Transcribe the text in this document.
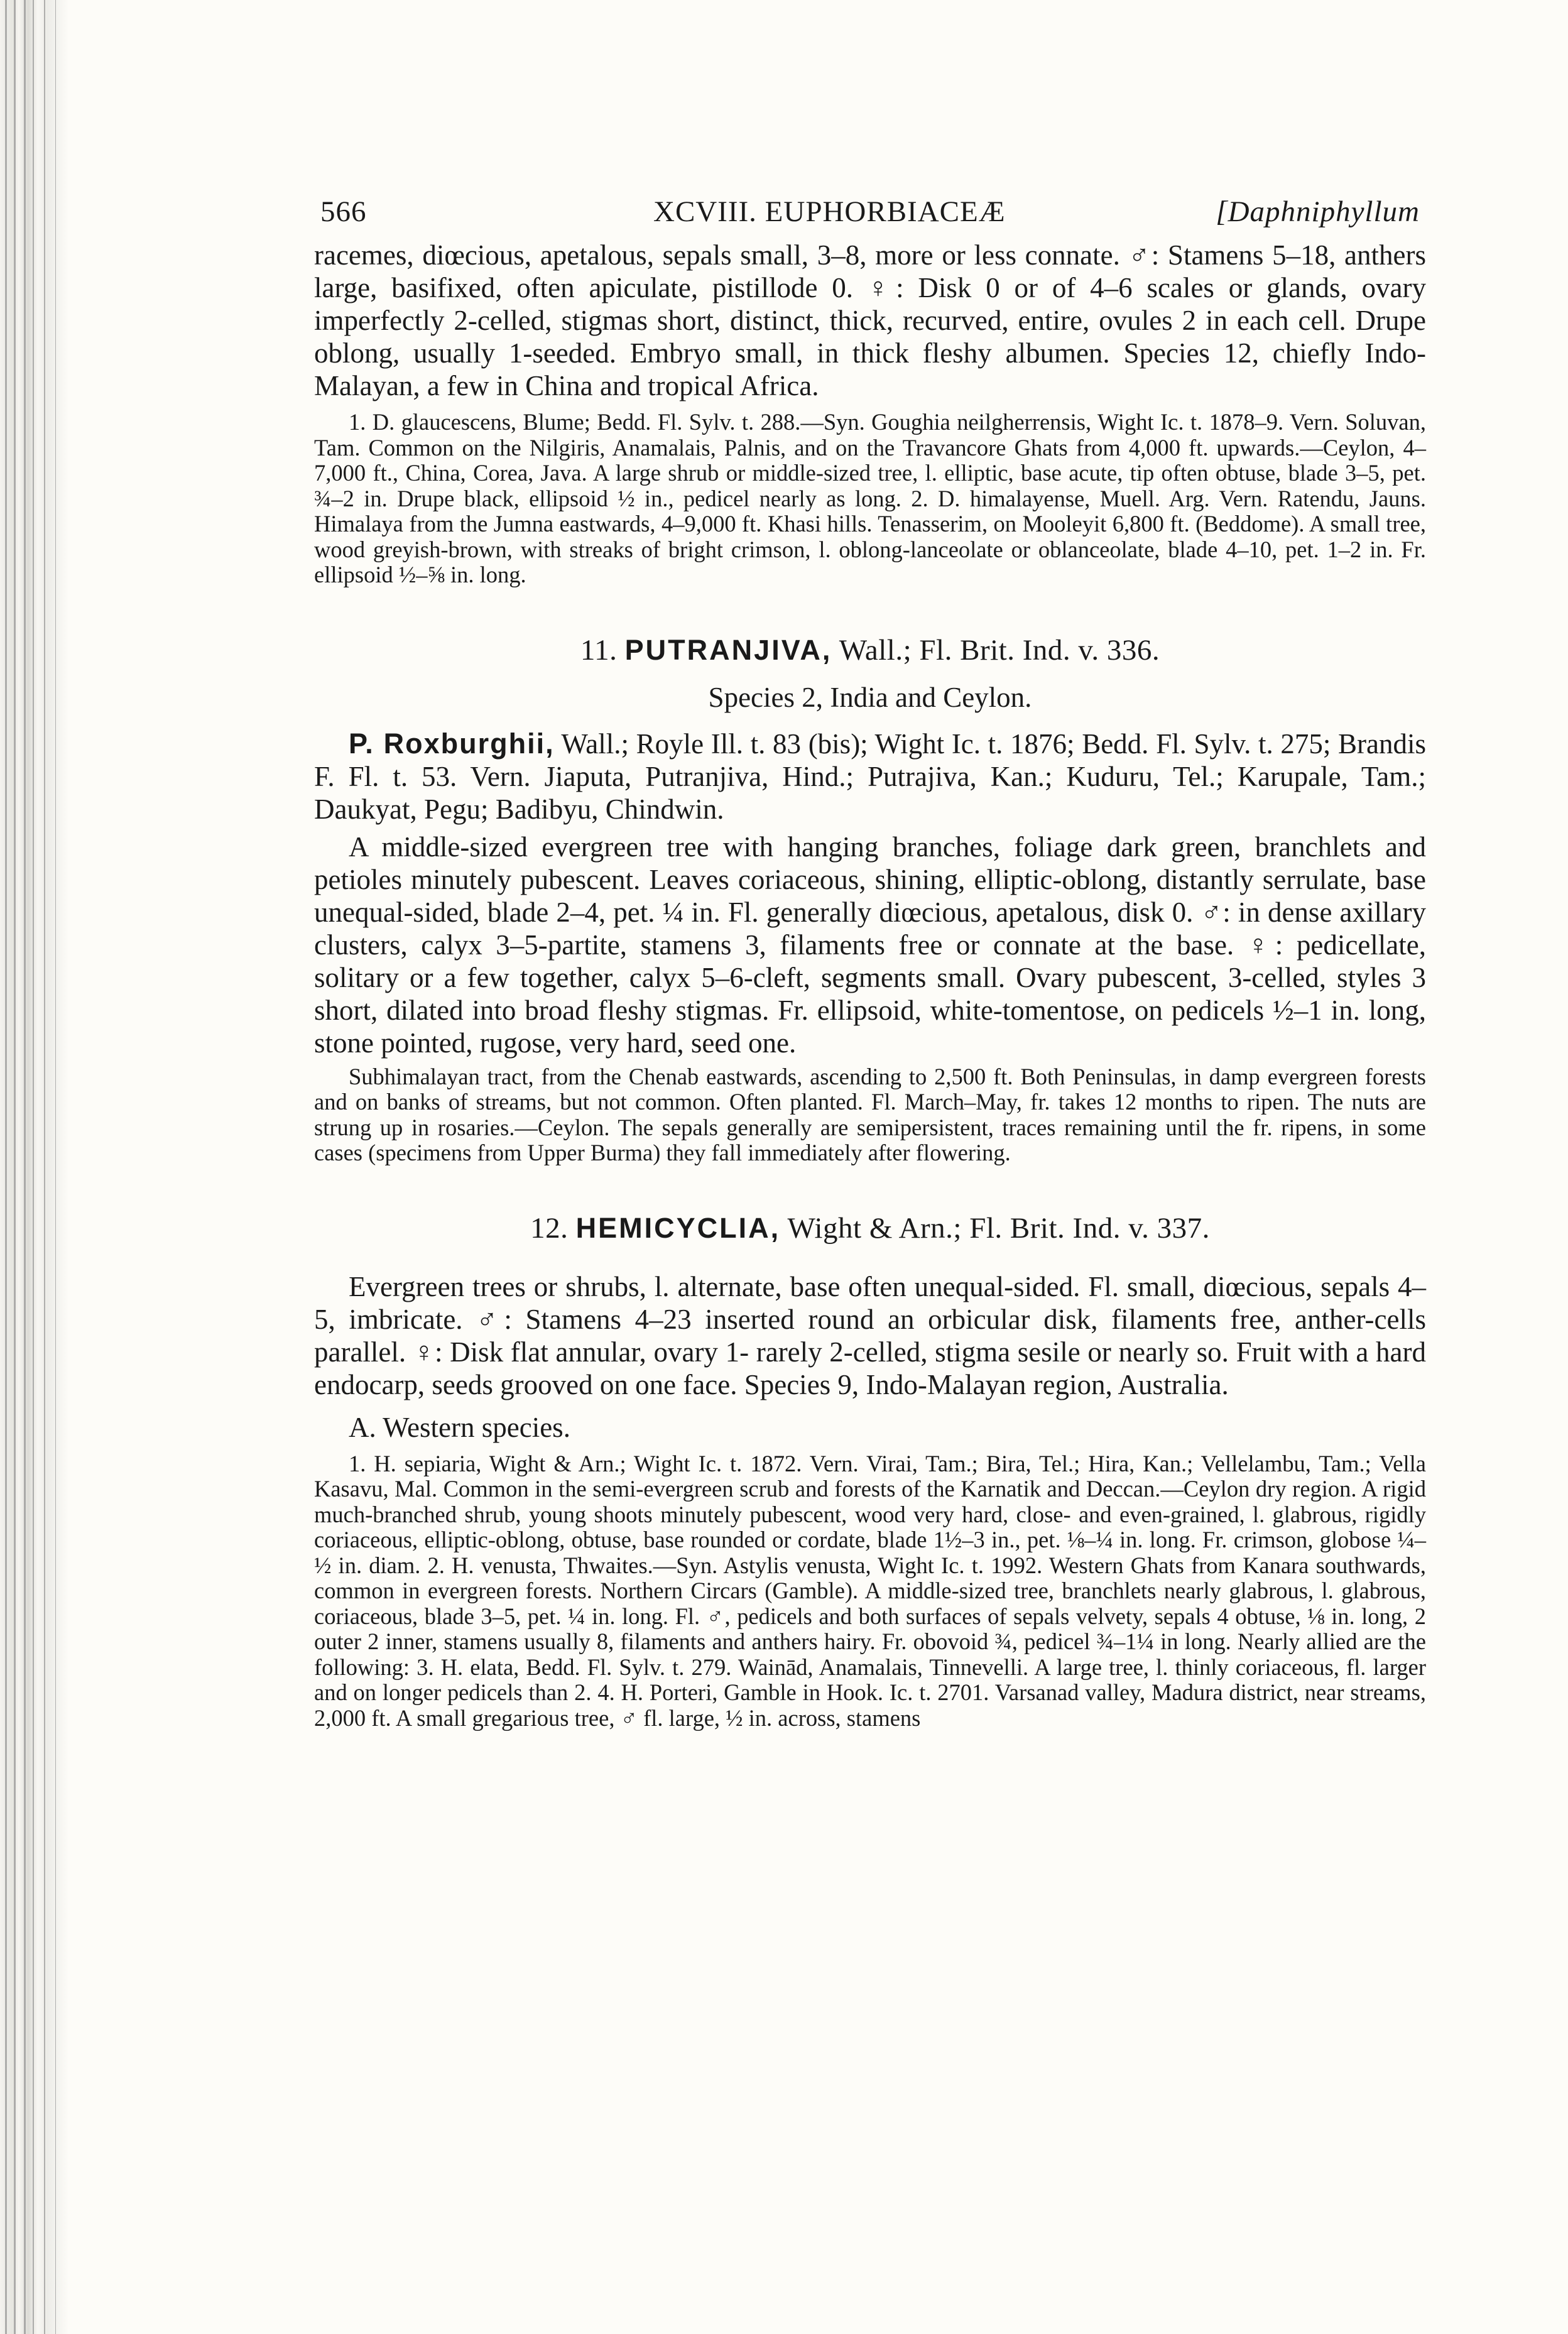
566	XCVIII. EUPHORBIACEÆ	[Daphniphyllum

racemes, diœcious, apetalous, sepals small, 3–8, more or less connate. ♂: Stamens 5–18, anthers large, basifixed, often apiculate, pistillode 0. ♀: Disk 0 or of 4–6 scales or glands, ovary imperfectly 2-celled, stigmas short, distinct, thick, recurved, entire, ovules 2 in each cell. Drupe oblong, usually 1-seeded. Embryo small, in thick fleshy albumen. Species 12, chiefly Indo-Malayan, a few in China and tropical Africa.

1. D. glaucescens, Blume; Bedd. Fl. Sylv. t. 288.—Syn. Goughia neilgherrensis, Wight Ic. t. 1878–9. Vern. Soluvan, Tam. Common on the Nilgiris, Anamalais, Palnis, and on the Travancore Ghats from 4,000 ft. upwards.—Ceylon, 4–7,000 ft., China, Corea, Java. A large shrub or middle-sized tree, l. elliptic, base acute, tip often obtuse, blade 3–5, pet. ¾–2 in. Drupe black, ellipsoid ½ in., pedicel nearly as long. 2. D. himalayense, Muell. Arg. Vern. Ratendu, Jauns. Himalaya from the Jumna eastwards, 4–9,000 ft. Khasi hills. Tenasserim, on Mooleyit 6,800 ft. (Beddome). A small tree, wood greyish-brown, with streaks of bright crimson, l. oblong-lanceolate or oblanceolate, blade 4–10, pet. 1–2 in. Fr. ellipsoid ½–⅝ in. long.

11. PUTRANJIVA, Wall.; Fl. Brit. Ind. v. 336.

Species 2, India and Ceylon.

P. Roxburghii, Wall.; Royle Ill. t. 83 (bis); Wight Ic. t. 1876; Bedd. Fl. Sylv. t. 275; Brandis F. Fl. t. 53. Vern. Jiaputa, Putranjiva, Hind.; Putrajiva, Kan.; Kuduru, Tel.; Karupale, Tam.; Daukyat, Pegu; Badibyu, Chindwin.

A middle-sized evergreen tree with hanging branches, foliage dark green, branchlets and petioles minutely pubescent. Leaves coriaceous, shining, elliptic-oblong, distantly serrulate, base unequal-sided, blade 2–4, pet. ¼ in. Fl. generally diœcious, apetalous, disk 0. ♂: in dense axillary clusters, calyx 3–5-partite, stamens 3, filaments free or connate at the base. ♀: pedicellate, solitary or a few together, calyx 5–6-cleft, segments small. Ovary pubescent, 3-celled, styles 3 short, dilated into broad fleshy stigmas. Fr. ellipsoid, white-tomentose, on pedicels ½–1 in. long, stone pointed, rugose, very hard, seed one.

Subhimalayan tract, from the Chenab eastwards, ascending to 2,500 ft. Both Peninsulas, in damp evergreen forests and on banks of streams, but not common. Often planted. Fl. March–May, fr. takes 12 months to ripen. The nuts are strung up in rosaries.—Ceylon. The sepals generally are semipersistent, traces remaining until the fr. ripens, in some cases (specimens from Upper Burma) they fall immediately after flowering.

12. HEMICYCLIA, Wight & Arn.; Fl. Brit. Ind. v. 337.

Evergreen trees or shrubs, l. alternate, base often unequal-sided. Fl. small, diœcious, sepals 4–5, imbricate. ♂: Stamens 4–23 inserted round an orbicular disk, filaments free, anther-cells parallel. ♀: Disk flat annular, ovary 1- rarely 2-celled, stigma sesile or nearly so. Fruit with a hard endocarp, seeds grooved on one face. Species 9, Indo-Malayan region, Australia.

A. Western species.

1. H. sepiaria, Wight & Arn.; Wight Ic. t. 1872. Vern. Virai, Tam.; Bira, Tel.; Hira, Kan.; Vellelambu, Tam.; Vella Kasavu, Mal. Common in the semi-evergreen scrub and forests of the Karnatik and Deccan.—Ceylon dry region. A rigid much-branched shrub, young shoots minutely pubescent, wood very hard, close- and even-grained, l. glabrous, rigidly coriaceous, elliptic-oblong, obtuse, base rounded or cordate, blade 1½–3 in., pet. ⅛–¼ in. long. Fr. crimson, globose ¼–½ in. diam. 2. H. venusta, Thwaites.—Syn. Astylis venusta, Wight Ic. t. 1992. Western Ghats from Kanara southwards, common in evergreen forests. Northern Circars (Gamble). A middle-sized tree, branchlets nearly glabrous, l. glabrous, coriaceous, blade 3–5, pet. ¼ in. long. Fl. ♂, pedicels and both surfaces of sepals velvety, sepals 4 obtuse, ⅛ in. long, 2 outer 2 inner, stamens usually 8, filaments and anthers hairy. Fr. obovoid ¾, pedicel ¾–1¼ in long. Nearly allied are the following: 3. H. elata, Bedd. Fl. Sylv. t. 279. Wainād, Anamalais, Tinnevelli. A large tree, l. thinly coriaceous, fl. larger and on longer pedicels than 2. 4. H. Porteri, Gamble in Hook. Ic. t. 2701. Varsanad valley, Madura district, near streams, 2,000 ft. A small gregarious tree, ♂ fl. large, ½ in. across, stamens
